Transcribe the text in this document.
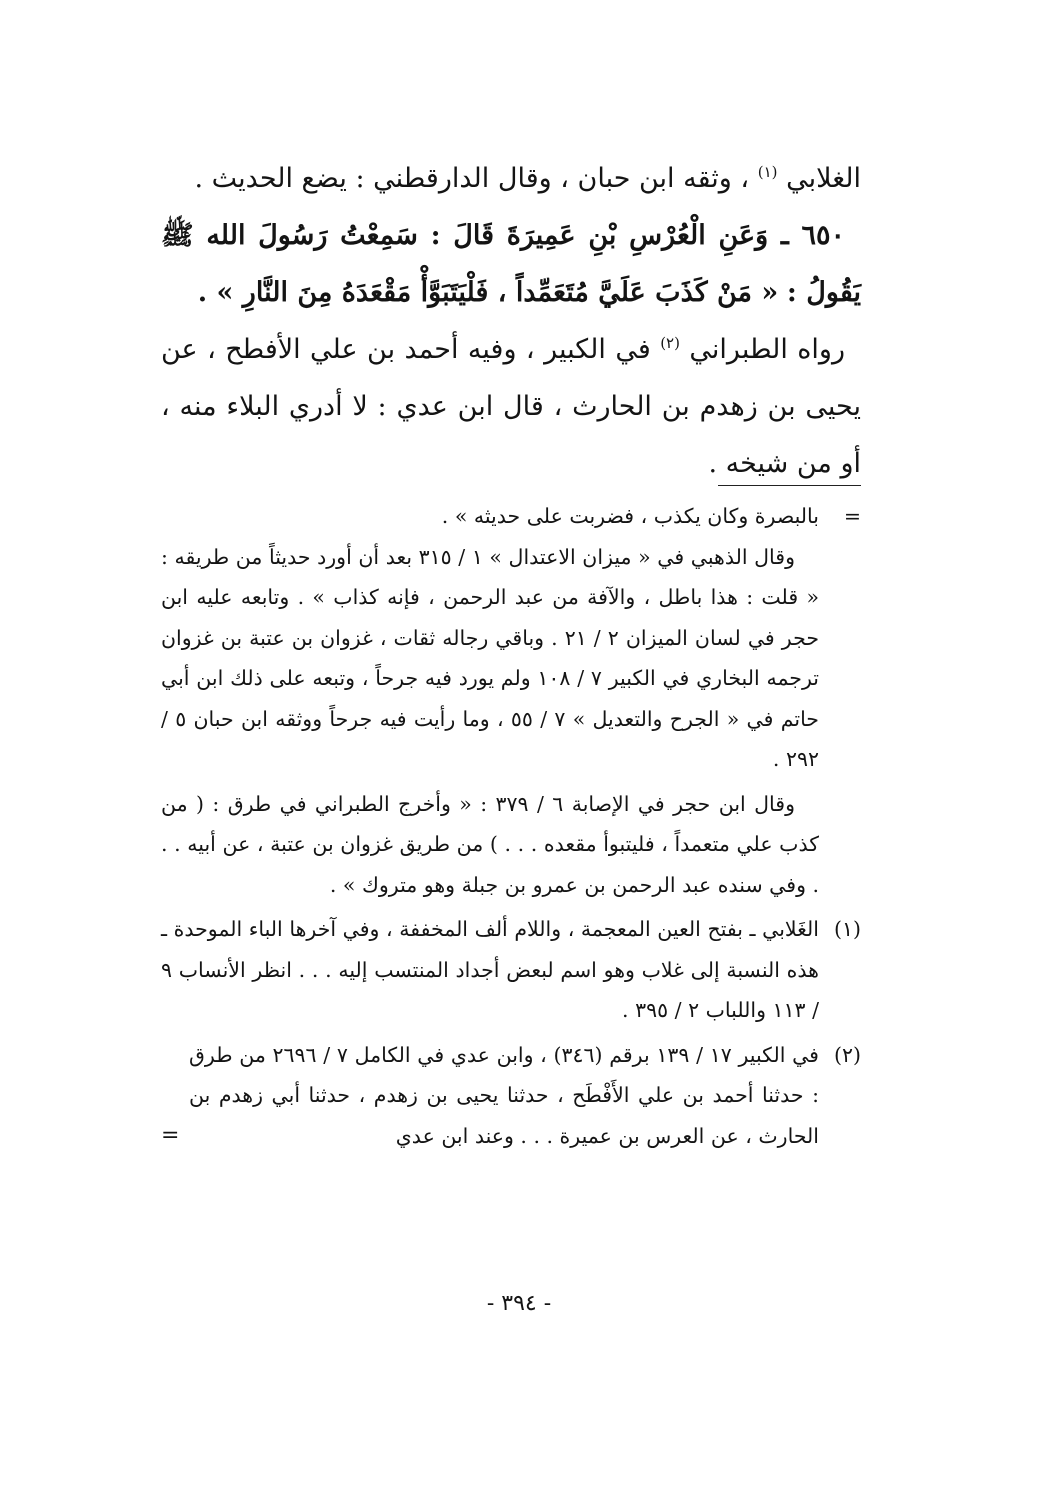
الغلابي $^{(١)}$ ، وثقه ابن حبان ، وقال الدارقطني : يضع الحديث .

٦٥٠ ـ وَعَنِ الْعُرْسِ بْنِ عَمِيرَةَ قَالَ : سَمِعْتُ رَسُولَ الله ﷺ يَقُولُ : « مَنْ كَذَبَ عَلَيَّ مُتَعَمِّداً ، فَلْيَتَبَوَّأْ مَقْعَدَهُ مِنَ النَّارِ » .

رواه الطبراني $^{(٢)}$ في الكبير ، وفيه أحمد بن علي الأفطح ، عن يحيى بن زهدم بن الحارث ، قال ابن عدي : لا أدري البلاء منه ، أو من شيخه .

=

بالبصرة وكان يكذب ، فضربت على حديثه » .

وقال الذهبي في « ميزان الاعتدال » ١ / ٣١٥ بعد أن أورد حديثاً من طريقه : « قلت : هذا باطل ، والآفة من عبد الرحمن ، فإنه كذاب » . وتابعه عليه ابن حجر في لسان الميزان ٢ / ٢١ . وباقي رجاله ثقات ، غزوان بن عتبة بن غزوان ترجمه البخاري في الكبير ٧ / ١٠٨ ولم يورد فيه جرحاً ، وتبعه على ذلك ابن أبي حاتم في « الجرح والتعديل » ٧ / ٥٥ ، وما رأيت فيه جرحاً ووثقه ابن حبان ٥ / ٢٩٢ .

وقال ابن حجر في الإصابة ٦ / ٣٧٩ : « وأخرج الطبراني في طرق : ( من كذب علي متعمداً ، فليتبوأ مقعده . . . ) من طريق غزوان بن عتبة ، عن أبيه . . . وفي سنده عبد الرحمن بن عمرو بن جبلة وهو متروك » .

(١)

الغَلابي ـ بفتح العين المعجمة ، واللام ألف المخففة ، وفي آخرها الباء الموحدة ـ هذه النسبة إلى غلاب وهو اسم لبعض أجداد المنتسب إليه . . . انظر الأنساب ٩ / ١١٣ واللباب ٢ / ٣٩٥ .

(٢)

في الكبير ١٧ / ١٣٩ برقم (٣٤٦) ، وابن عدي في الكامل ٧ / ٢٦٩٦ من طرق : حدثنا أحمد بن علي الأَفْطَح ، حدثنا يحيى بن زهدم ، حدثنا أبي زهدم بن الحارث ، عن العرس بن عميرة . . . وعند ابن عدي

=
- ٣٩٤ -
